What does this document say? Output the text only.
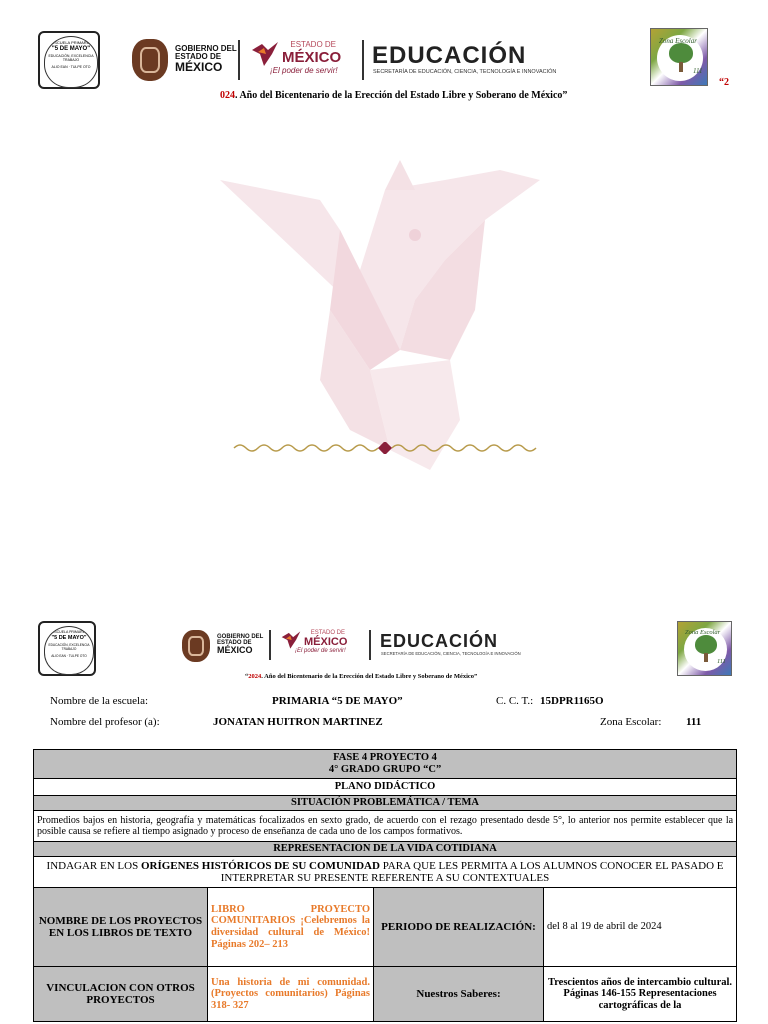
ESCUELA PRIMARIA
"5 DE MAYO"
EDUCACIÓN, EXCELENCIA
TRABAJO
ALIO EAN · TULPE OTO
GOBIERNO DEL
ESTADO DE
MÉXICO
ESTADO DE
MÉXICO
¡El poder de servir!
EDUCACIÓN
SECRETARÍA DE EDUCACIÓN, CIENCIA, TECNOLOGÍA E INNOVACIÓN
Zona Escolar
111
024. Año del Bicentenario de la Erección del Estado Libre y Soberano de México”
“2
ESCUELA PRIMARIA
"5 DE MAYO"
EDUCACIÓN, EXCELENCIA
TRABAJO
ALIO EAN · TULPE OTO
GOBIERNO DEL
ESTADO DE
MÉXICO
ESTADO DE
MÉXICO
¡El poder de servir! EDUCACIÓN
SECRETARÍA DE EDUCACIÓN, CIENCIA, TECNOLOGÍA E INNOVACIÓN
Zona Escolar
111
“2024. Año del Bicentenario de la Erección del Estado Libre y Soberano de México”
Nombre de la escuela:	PRIMARIA “5 DE MAYO”	C. C. T.: 15DPR1165O
Nombre del profesor (a):	JONATAN HUITRON MARTINEZ	Zona Escolar: 111
FASE 4 PROYECTO 4
4° GRADO GRUPO “C”			

PLANO DIDÁCTICO			
SITUACIÓN PROBLEMÁTICA / TEMA			
Promedios bajos en historia, geografía y matemáticas focalizados en sexto grado, de acuerdo con el rezago presentado desde 5°, lo anterior nos permite establecer que la posible causa se refiere al tiempo asignado y proceso de enseñanza de cada uno de los campos formativos.			
REPRESENTACION DE LA VIDA COTIDIANA			
INDAGAR EN LOS ORÍGENES HISTÓRICOS DE SU COMUNIDAD PARA QUE LES PERMITA A LOS ALUMNOS CONOCER EL PASADO E INTERPRETAR SU PRESENTE REFERENTE A SU CONTEXTUALES			
NOMBRE DE LOS PROYECTOS EN LOS LIBROS DE TEXTO	LIBRO PROYECTO COMUNITARIOS ¡Celebremos la diversidad cultural de México! Páginas 202– 213	PERIODO DE REALIZACIÓN:	del 8 al 19 de abril de 2024
VINCULACION CON OTROS PROYECTOS	Una historia de mi comunidad. (Proyectos comunitarios) Páginas 318- 327	Nuestros Saberes:	Trescientos años de intercambio cultural. Páginas 146-155 Representaciones cartográficas de la
